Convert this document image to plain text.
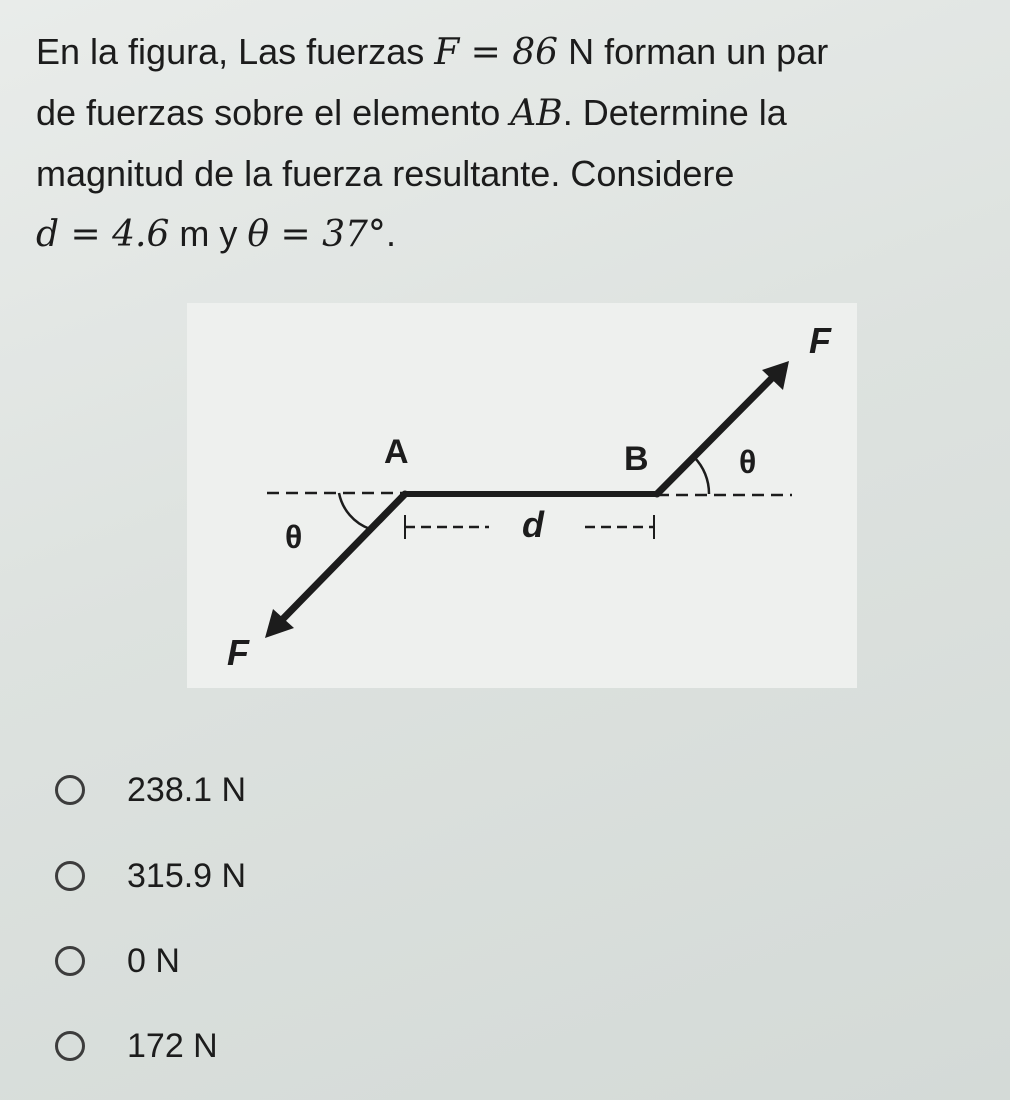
En la figura, Las fuerzas F = 86 N forman un par
de fuerzas sobre el elemento AB. Determine la
magnitud de la fuerza resultante. Considere
d = 4.6 m y θ = 37°.
F
F
A	B
θ
θ
d
238.1 N
315.9 N
0 N
172 N
